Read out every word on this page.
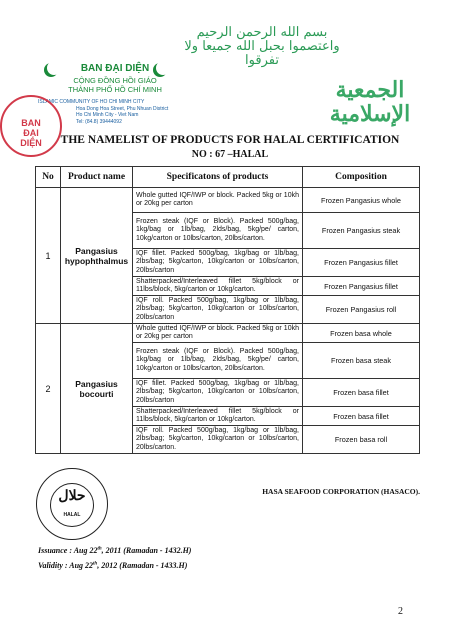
BAN ĐẠI DIỆN
CỘNG ĐỒNG HỒI GIÁO
THÀNH PHỐ HỒ CHÍ MINH
ISLAMIC COMMUNITY OF HO CHI MINH CITY
Hoa Dong Hoa Street, Phu Nhuan District
Ho Chi Minh City - Viet Nam
Tel: (84.8) 39444092
BAN ĐẠI DIỆN
بسم الله الرحمن الرحيم
واعتصموا بحبل الله جميعا ولا تفرقوا
الجمعية الإسلامية
THE NAMELIST OF PRODUCTS FOR HALAL CERTIFICATION
NO : 67 –HALAL
No	Product name	Specificatons of products	Composition
1	Pangasius hypophthalmus	Whole gutted IQF/IWP or block. Packed 5kg or 10kh or 20kg per carton	Frozen Pangasius whole
		Frozen steak (IQF or Block). Packed 500g/bag, 1kg/bag or 1lb/bag, 2lds/bag, 5kg/pe/ carton, 10kg/carton or 10lbs/carton, 20lbs/carton.	Frozen Pangasius steak
		IQF fillet. Packed 500g/bag, 1kg/bag or 1lb/bag, 2lbs/bag; 5kg/carton, 10kg/carton or 10lbs/carton, 20lbs/carton	Frozen Pangasius fillet
		Shatterpacked/Interleaved fillet 5kg/block or 11lbs/block, 5kg/carton or 10kg/carton.	Frozen Pangasius fillet
		IQF roll. Packed 500g/bag, 1kg/bag or 1lb/bag, 2lbs/bag; 5kg/carton, 10kg/carton or 10lbs/carton, 20lbs/carton	Frozen Pangasius roll
2	Pangasius bocourti	Whole gutted IQF/IWP or block. Packed 5kg or 10kh or 20kg per carton	Frozen basa whole
		Frozen steak (IQF or Block). Packed 500g/bag, 1kg/bag or 1lb/bag, 2lds/bag, 5kg/pe/ carton, 10kg/carton or 10lbs/carton, 20lbs/carton.	Frozen basa steak
		IQF fillet. Packed 500g/bag, 1kg/bag or 1lb/bag, 2lbs/bag; 5kg/carton, 10kg/carton or 10lbs/carton, 20lbs/carton	Frozen basa fillet
		Shatterpacked/Interleaved fillet 5kg/block or 11lbs/block, 5kg/carton or 10kg/carton.	Frozen basa fillet
		IQF roll. Packed 500g/bag, 1kg/bag or 1lb/bag, 2lbs/bag; 5kg/carton, 10kg/carton or 10lbs/carton, 20lbs/carton.	Frozen basa roll
HASA SEAFOOD CORPORATION (HASACO).
حلال
HALAL
Issuance : Aug 22th, 2011 (Ramadan - 1432.H)
Validity : Aug 22th, 2012 (Ramadan - 1433.H)
2
